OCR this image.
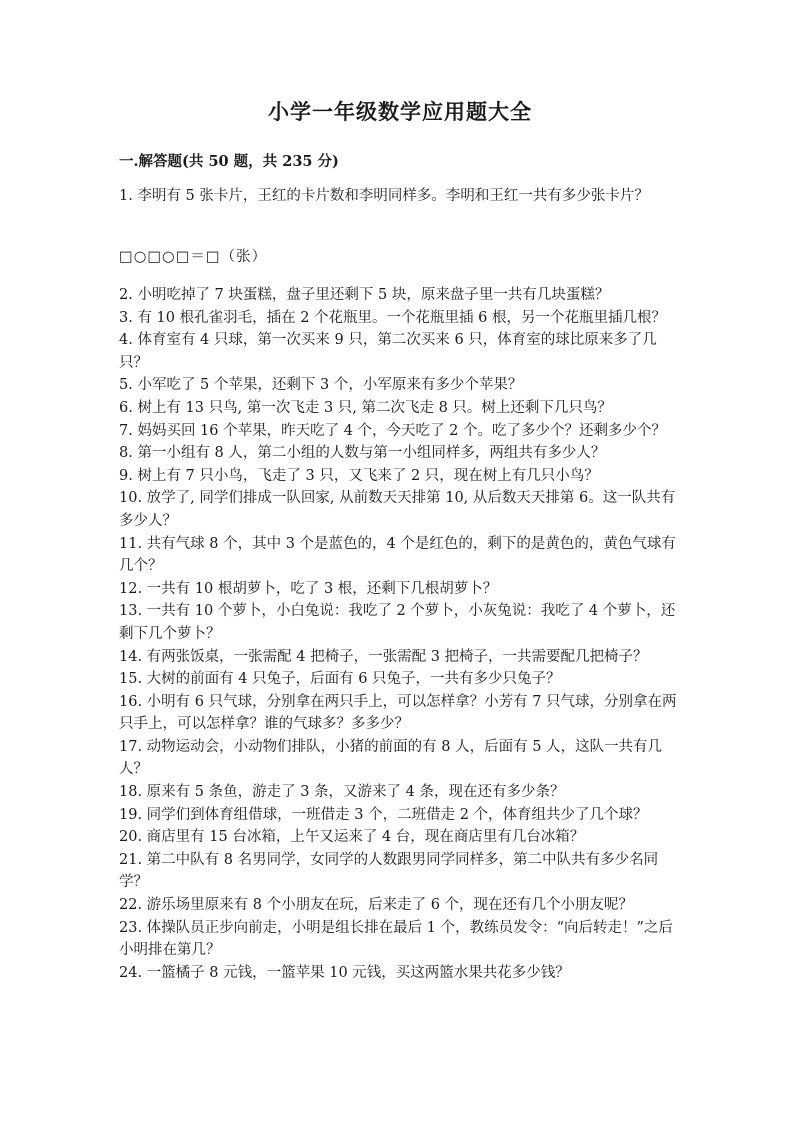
小学一年级数学应用题大全
一.解答题(共 50 题，共 235 分)
1. 李明有 5 张卡片，王红的卡片数和李明同样多。李明和王红一共有多少张卡片？
□○□○□＝□（张）

2. 小明吃掉了 7 块蛋糕，盘子里还剩下 5 块，原来盘子里一共有几块蛋糕？

3. 有 10 根孔雀羽毛，插在 2 个花瓶里。一个花瓶里插 6 根，另一个花瓶里插几根？

4. 体育室有 4 只球，第一次买来 9 只，第二次买来 6 只，体育室的球比原来多了几只？

5. 小军吃了 5 个苹果，还剩下 3 个，小军原来有多少个苹果？

6. 树上有 13 只鸟, 第一次飞走 3 只, 第二次飞走 8 只。树上还剩下几只鸟？

7. 妈妈买回 16 个苹果，昨天吃了 4 个，今天吃了 2 个。吃了多少个？还剩多少个？

8. 第一小组有 8 人，第二小组的人数与第一小组同样多，两组共有多少人？

9. 树上有 7 只小鸟，飞走了 3 只，又飞来了 2 只，现在树上有几只小鸟？

10. 放学了, 同学们排成一队回家, 从前数天天排第 10, 从后数天天排第 6。这一队共有多少人？

11. 共有气球 8 个，其中 3 个是蓝色的，4 个是红色的，剩下的是黄色的，黄色气球有几个？

12. 一共有 10 根胡萝卜，吃了 3 根，还剩下几根胡萝卜？

13. 一共有 10 个萝卜，小白兔说：我吃了 2 个萝卜，小灰兔说：我吃了 4 个萝卜，还剩下几个萝卜？

14. 有两张饭桌，一张需配 4 把椅子，一张需配 3 把椅子，一共需要配几把椅子？

15. 大树的前面有 4 只兔子，后面有 6 只兔子，一共有多少只兔子？

16. 小明有 6 只气球，分别拿在两只手上，可以怎样拿？小芳有 7 只气球，分别拿在两只手上，可以怎样拿？谁的气球多？多多少？

17. 动物运动会，小动物们排队，小猪的前面的有 8 人，后面有 5 人，这队一共有几人？

18. 原来有 5 条鱼，游走了 3 条，又游来了 4 条，现在还有多少条？

19. 同学们到体育组借球，一班借走 3 个，二班借走 2 个，体育组共少了几个球？

20. 商店里有 15 台冰箱，上午又运来了 4 台，现在商店里有几台冰箱？

21. 第二中队有 8 名男同学，女同学的人数跟男同学同样多，第二中队共有多少名同学？

22. 游乐场里原来有 8 个小朋友在玩，后来走了 6 个，现在还有几个小朋友呢？

23. 体操队员正步向前走，小明是组长排在最后 1 个，教练员发令：“向后转走！”之后小明排在第几？

24. 一篮橘子 8 元钱，一篮苹果 10 元钱，买这两篮水果共花多少钱？
